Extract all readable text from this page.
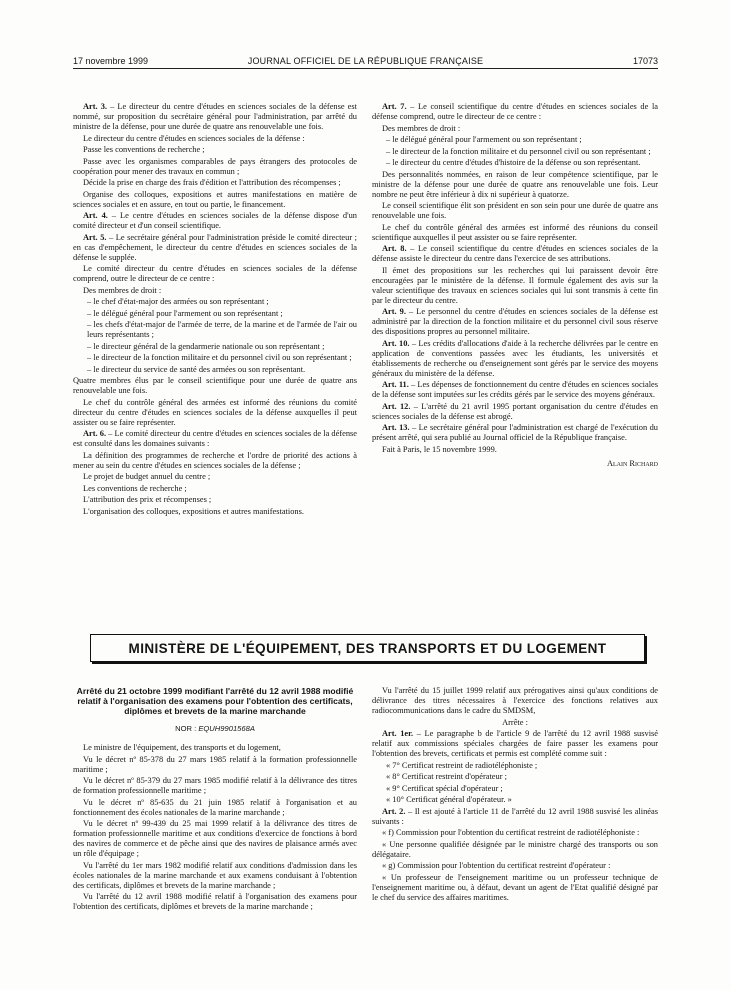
17 novembre 1999	JOURNAL OFFICIEL DE LA RÉPUBLIQUE FRANÇAISE	17073

Art. 3. – Le directeur du centre d'études en sciences sociales de la défense est nommé, sur proposition du secrétaire général pour l'administration, par arrêté du ministre de la défense, pour une durée de quatre ans renouvelable une fois.

Le directeur du centre d'études en sciences sociales de la défense :

Passe les conventions de recherche ;

Passe avec les organismes comparables de pays étrangers des protocoles de coopération pour mener des travaux en commun ;

Décide la prise en charge des frais d'édition et l'attribution des récompenses ;

Organise des colloques, expositions et autres manifestations en matière de sciences sociales et en assure, en tout ou partie, le financement.

Art. 4. – Le centre d'études en sciences sociales de la défense dispose d'un comité directeur et d'un conseil scientifique.

Art. 5. – Le secrétaire général pour l'administration préside le comité directeur ; en cas d'empêchement, le directeur du centre d'études en sciences sociales de la défense le supplée.

Le comité directeur du centre d'études en sciences sociales de la défense comprend, outre le directeur de ce centre :

Des membres de droit :

– le chef d'état-major des armées ou son représentant ;

– le délégué général pour l'armement ou son représentant ;

– les chefs d'état-major de l'armée de terre, de la marine et de l'armée de l'air ou leurs représentants ;

– le directeur général de la gendarmerie nationale ou son représentant ;

– le directeur de la fonction militaire et du personnel civil ou son représentant ;

– le directeur du service de santé des armées ou son représentant.

Quatre membres élus par le conseil scientifique pour une durée de quatre ans renouvelable une fois.

Le chef du contrôle général des armées est informé des réunions du comité directeur du centre d'études en sciences sociales de la défense auxquelles il peut assister ou se faire représenter.

Art. 6. – Le comité directeur du centre d'études en sciences sociales de la défense est consulté dans les domaines suivants :

La définition des programmes de recherche et l'ordre de priorité des actions à mener au sein du centre d'études en sciences sociales de la défense ;

Le projet de budget annuel du centre ;

Les conventions de recherche ;

L'attribution des prix et récompenses ;

L'organisation des colloques, expositions et autres manifestations.

Art. 7. – Le conseil scientifique du centre d'études en sciences sociales de la défense comprend, outre le directeur de ce centre :

Des membres de droit :

– le délégué général pour l'armement ou son représentant ;

– le directeur de la fonction militaire et du personnel civil ou son représentant ;

– le directeur du centre d'études d'histoire de la défense ou son représentant.

Des personnalités nommées, en raison de leur compétence scientifique, par le ministre de la défense pour une durée de quatre ans renouvelable une fois. Leur nombre ne peut être inférieur à dix ni supérieur à quatorze.

Le conseil scientifique élit son président en son sein pour une durée de quatre ans renouvelable une fois.

Le chef du contrôle général des armées est informé des réunions du conseil scientifique auxquelles il peut assister ou se faire représenter.

Art. 8. – Le conseil scientifique du centre d'études en sciences sociales de la défense assiste le directeur du centre dans l'exercice de ses attributions.

Il émet des propositions sur les recherches qui lui paraissent devoir être encouragées par le ministère de la défense. Il formule également des avis sur la valeur scientifique des travaux en sciences sociales qui lui sont transmis à cette fin par le directeur du centre.

Art. 9. – Le personnel du centre d'études en sciences sociales de la défense est administré par la direction de la fonction militaire et du personnel civil sous réserve des dispositions propres au personnel militaire.

Art. 10. – Les crédits d'allocations d'aide à la recherche délivrées par le centre en application de conventions passées avec les étudiants, les universités et établissements de recherche ou d'enseignement sont gérés par le service des moyens généraux du ministère de la défense.

Art. 11. – Les dépenses de fonctionnement du centre d'études en sciences sociales de la défense sont imputées sur les crédits gérés par le service des moyens généraux.

Art. 12. – L'arrêté du 21 avril 1995 portant organisation du centre d'études en sciences sociales de la défense est abrogé.

Art. 13. – Le secrétaire général pour l'administration est chargé de l'exécution du présent arrêté, qui sera publié au Journal officiel de la République française.

Fait à Paris, le 15 novembre 1999.

Alain Richard
MINISTÈRE DE L'ÉQUIPEMENT, DES TRANSPORTS ET DU LOGEMENT
Arrêté du 21 octobre 1999 modifiant l'arrêté du 12 avril 1988 modifié relatif à l'organisation des examens pour l'obtention des certificats, diplômes et brevets de la marine marchande
NOR : EQUH9901568A

Le ministre de l'équipement, des transports et du logement,

Vu le décret nº 85-378 du 27 mars 1985 relatif à la formation professionnelle maritime ;

Vu le décret nº 85-379 du 27 mars 1985 modifié relatif à la délivrance des titres de formation professionnelle maritime ;

Vu le décret nº 85-635 du 21 juin 1985 relatif à l'organisation et au fonctionnement des écoles nationales de la marine marchande ;

Vu le décret nº 99-439 du 25 mai 1999 relatif à la délivrance des titres de formation professionnelle maritime et aux conditions d'exercice de fonctions à bord des navires de commerce et de pêche ainsi que des navires de plaisance armés avec un rôle d'équipage ;

Vu l'arrêté du 1er mars 1982 modifié relatif aux conditions d'admission dans les écoles nationales de la marine marchande et aux examens conduisant à l'obtention des certificats, diplômes et brevets de la marine marchande ;

Vu l'arrêté du 12 avril 1988 modifié relatif à l'organisation des examens pour l'obtention des certificats, diplômes et brevets de la marine marchande ;

Vu l'arrêté du 15 juillet 1999 relatif aux prérogatives ainsi qu'aux conditions de délivrance des titres nécessaires à l'exercice des fonctions relatives aux radiocommunications dans le cadre du SMDSM,

Arrête :

Art. 1er. – Le paragraphe b de l'article 9 de l'arrêté du 12 avril 1988 susvisé relatif aux commissions spéciales chargées de faire passer les examens pour l'obtention des brevets, certificats et permis est complété comme suit :

« 7° Certificat restreint de radiotéléphoniste ;

« 8° Certificat restreint d'opérateur ;

« 9° Certificat spécial d'opérateur ;

« 10° Certificat général d'opérateur. »

Art. 2. – Il est ajouté à l'article 11 de l'arrêté du 12 avril 1988 susvisé les alinéas suivants :

« f) Commission pour l'obtention du certificat restreint de radiotéléphoniste :

« Une personne qualifiée désignée par le ministre chargé des transports ou son délégataire.

« g) Commission pour l'obtention du certificat restreint d'opérateur :

« Un professeur de l'enseignement maritime ou un professeur technique de l'enseignement maritime ou, à défaut, devant un agent de l'Etat qualifié désigné par le chef du service des affaires maritimes.
